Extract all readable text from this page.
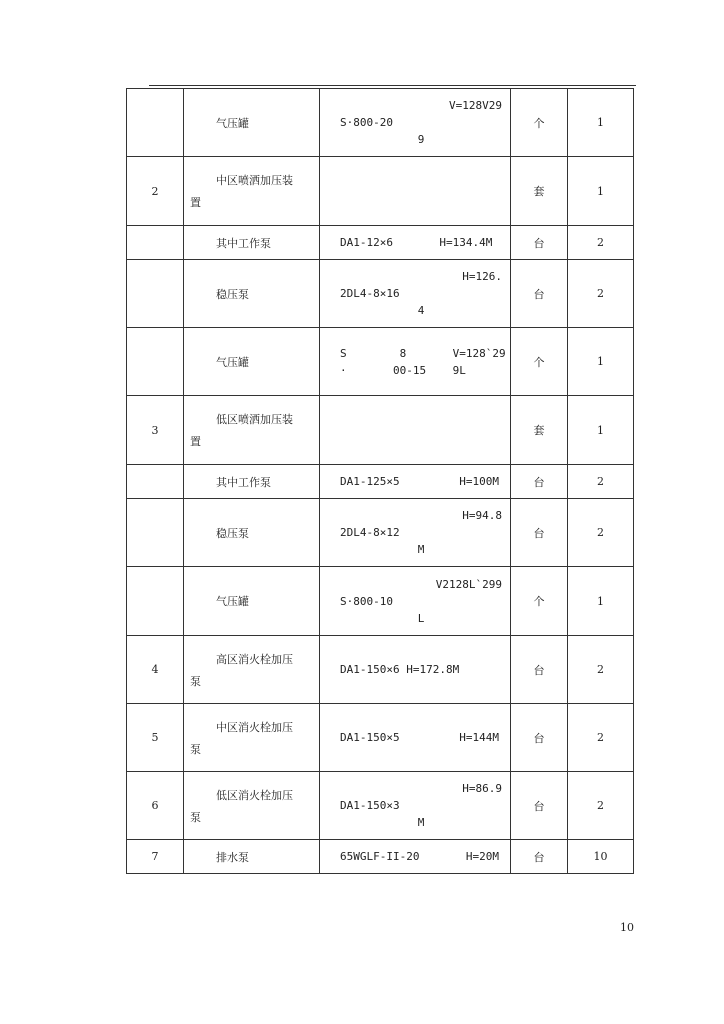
	气压罐	V=128V29
S·800-20
9	个	1
2	中区喷洒加压装
置		套	1

	其中工作泵	DA1-12×6       H=134.4M	台	2

	稳压泵	H=126.
2DL4-8×16
4	台	2

	气压罐	S        8       V=128`29
·       00-15    9L	个	1
3	低区喷洒加压装
置		套	1

	其中工作泵	DA1-125×5         H=100M	台	2

	稳压泵	H=94.8
2DL4-8×12
M	台	2

	气压罐	V2128L`299
S·800-10
L	个	1
4	高区消火栓加压
泵	DA1-150×6 H=172.8M	台	2
5	中区消火栓加压
泵	DA1-150×5         H=144M	台	2
6	低区消火栓加压
泵	H=86.9
DA1-150×3
M	台	2
7	排水泵	65WGLF-II-20       H=20M	台	10
10
